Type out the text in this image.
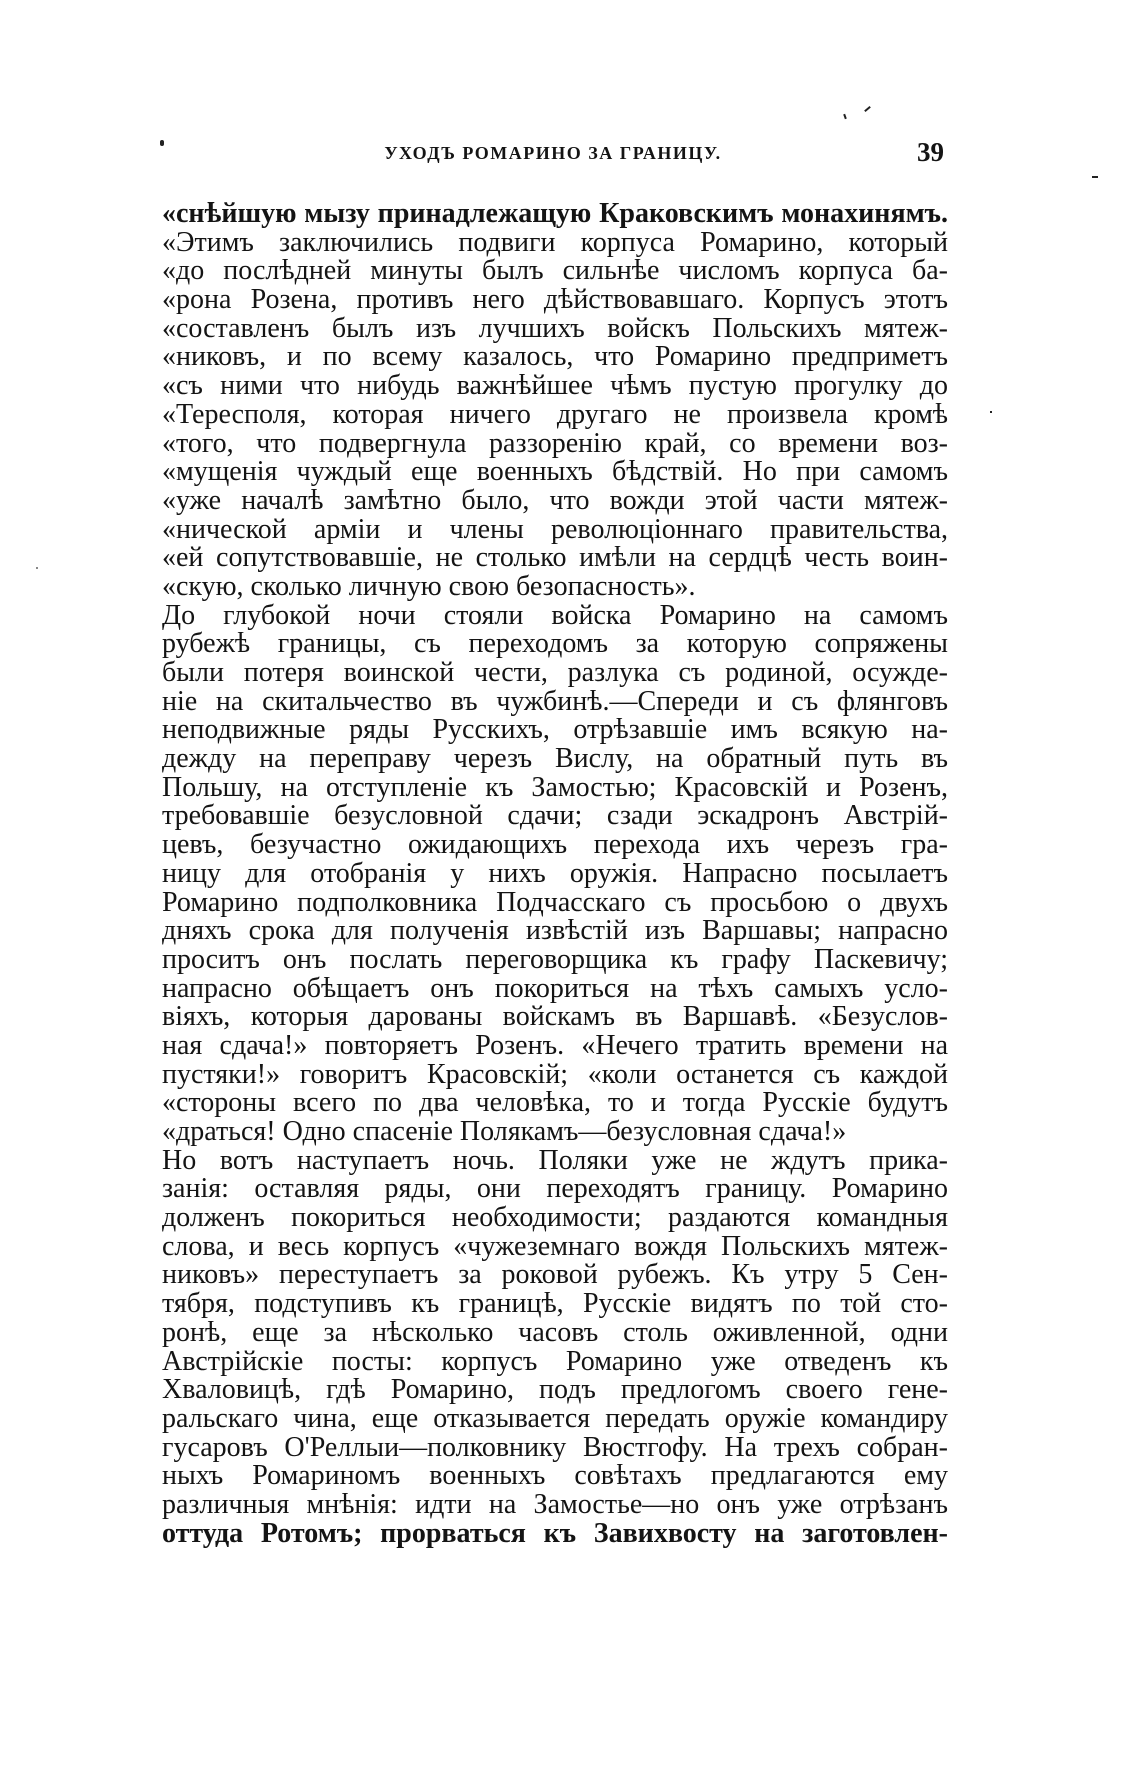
УХОДЪ РОМАРИНО ЗА ГРАНИЦУ.	39
«снѣйшую мызу принадлежащую Краковскимъ монахинямъ.
«Этимъ заключились подвиги корпуса Ромарино, который
«до послѣдней минуты былъ сильнѣе числомъ корпуса ба-
«рона Розена, противъ него дѣйствовавшаго. Корпусъ этотъ
«составленъ былъ изъ лучшихъ войскъ Польскихъ мятеж-
«никовъ, и по всему казалось, что Ромарино предприметъ
«съ ними что нибудь важнѣйшее чѣмъ пустую прогулку до
«Тересполя, которая ничего другаго не произвела кромѣ
«того, что подвергнула раззоренію край, со времени воз-
«мущенія чуждый еще военныхъ бѣдствій. Но при самомъ
«уже началѣ замѣтно было, что вожди этой части мятеж-
«нической арміи и члены революціоннаго правительства,
«ей сопутствовавшіе, не столько имѣли на сердцѣ честь воин-
«скую, сколько личную свою безопасность».
До глубокой ночи стояли войска Ромарино на самомъ
рубежѣ границы, съ переходомъ за которую сопряжены
были потеря воинской чести, разлука съ родиной, осужде-
ніе на скитальчество въ чужбинѣ.—Спереди и съ флянговъ
неподвижные ряды Русскихъ, отрѣзавшіе имъ всякую на-
дежду на переправу черезъ Вислу, на обратный путь въ
Польшу, на отступленіе къ Замостью; Красовскій и Розенъ,
требовавшіе безусловной сдачи; сзади эскадронъ Австрій-
цевъ, безучастно ожидающихъ перехода ихъ черезъ гра-
ницу для отобранія у нихъ оружія. Напрасно посылаетъ
Ромарино подполковника Подчасскаго съ просьбою о двухъ
дняхъ срока для полученія извѣстій изъ Варшавы; напрасно
проситъ онъ послать переговорщика къ графу Паскевичу;
напрасно обѣщаетъ онъ покориться на тѣхъ самыхъ усло-
віяхъ, которыя дарованы войскамъ въ Варшавѣ. «Безуслов-
ная сдача!» повторяетъ Розенъ. «Нечего тратить времени на
пустяки!» говоритъ Красовскій; «коли останется съ каждой
«стороны всего по два человѣка, то и тогда Русскіе будутъ
«драться! Одно спасеніе Полякамъ—безусловная сдача!»
Но вотъ наступаетъ ночь. Поляки уже не ждутъ прика-
занія: оставляя ряды, они переходятъ границу. Ромарино
долженъ покориться необходимости; раздаются командныя
слова, и весь корпусъ «чужеземнаго вождя Польскихъ мятеж-
никовъ» переступаетъ за роковой рубежъ. Къ утру 5 Сен-
тября, подступивъ къ границѣ, Русскіе видятъ по той сто-
ронѣ, еще за нѣсколько часовъ столь оживленной, одни
Австрійскіе посты: корпусъ Ромарино уже отведенъ къ
Хваловицѣ, гдѣ Ромарино, подъ предлогомъ своего гене-
ральскаго чина, еще отказывается передать оружіе командиру
гусаровъ О'Реллыи—полковнику Вюстгофу. На трехъ собран-
ныхъ Ромариномъ военныхъ совѣтахъ предлагаются ему
различныя мнѣнія: идти на Замостье—но онъ уже отрѣзанъ
оттуда Ротомъ; прорваться къ Завихвосту на заготовлен-
